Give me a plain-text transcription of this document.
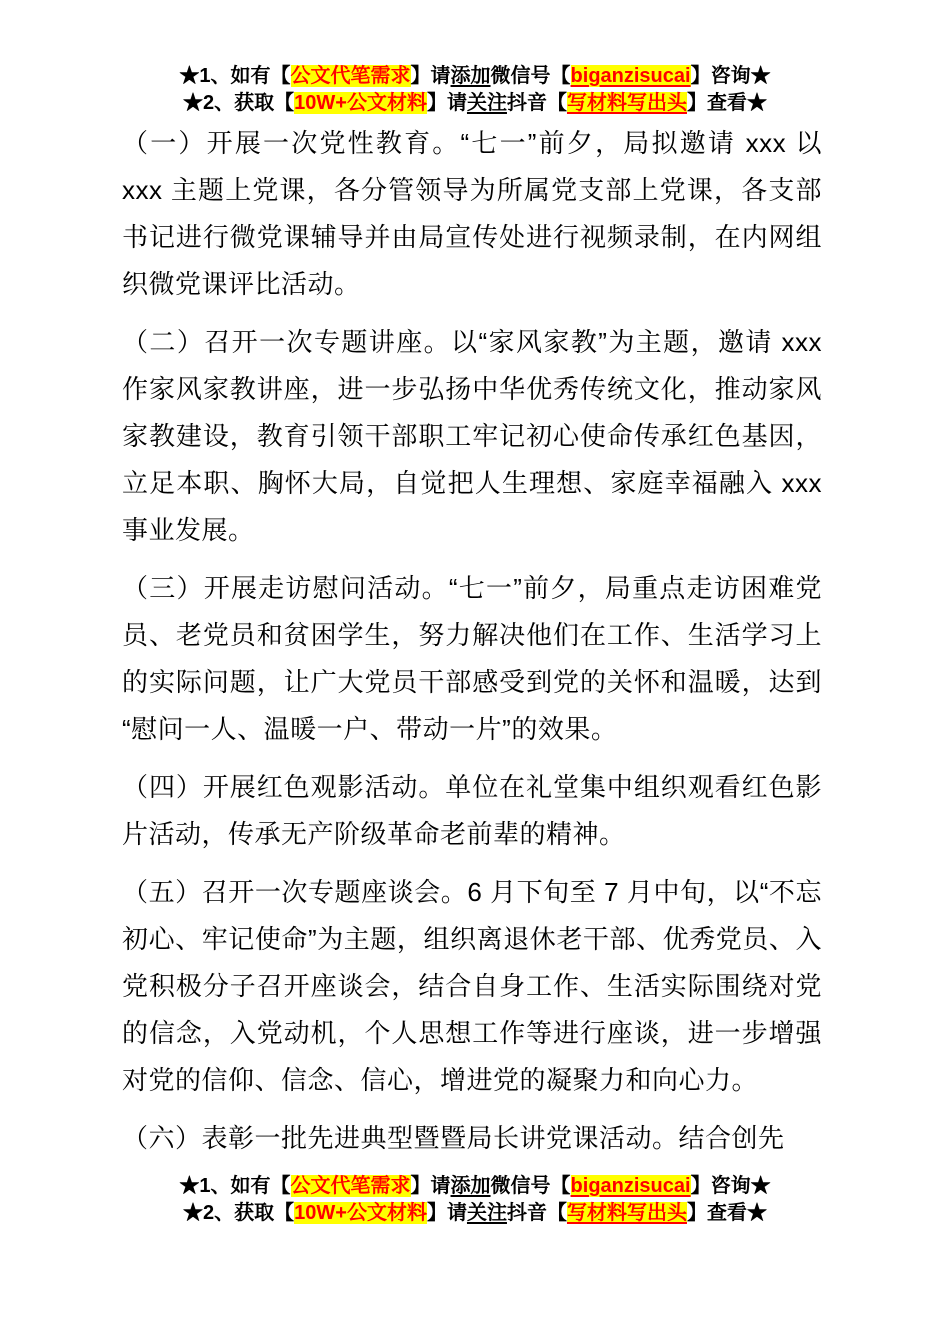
★1、如有【公文代笔需求】请添加微信号【biganzisucai】咨询★
★2、获取【10W+公文材料】请关注抖音【写材料写出头】查看★

（一）开展一次党性教育。“七一”前夕，局拟邀请 xxx 以 xxx 主题上党课，各分管领导为所属党支部上党课，各支部书记进行微党课辅导并由局宣传处进行视频录制，在内网组织微党课评比活动。

（二）召开一次专题讲座。以“家风家教”为主题，邀请 xxx 作家风家教讲座，进一步弘扬中华优秀传统文化，推动家风家教建设，教育引领干部职工牢记初心使命传承红色基因，立足本职、胸怀大局，自觉把人生理想、家庭幸福融入 xxx 事业发展。

（三）开展走访慰问活动。“七一”前夕，局重点走访困难党员、老党员和贫困学生，努力解决他们在工作、生活学习上的实际问题，让广大党员干部感受到党的关怀和温暖，达到“慰问一人、温暖一户、带动一片”的效果。

（四）开展红色观影活动。单位在礼堂集中组织观看红色影片活动，传承无产阶级革命老前辈的精神。

（五）召开一次专题座谈会。6 月下旬至 7 月中旬，以“不忘初心、牢记使命”为主题，组织离退休老干部、优秀党员、入党积极分子召开座谈会，结合自身工作、生活实际围绕对党的信念，入党动机，个人思想工作等进行座谈，进一步增强对党的信仰、信念、信心，增进党的凝聚力和向心力。

（六）表彰一批先进典型暨暨局长讲党课活动。结合创先

★1、如有【公文代笔需求】请添加微信号【biganzisucai】咨询★
★2、获取【10W+公文材料】请关注抖音【写材料写出头】查看★
